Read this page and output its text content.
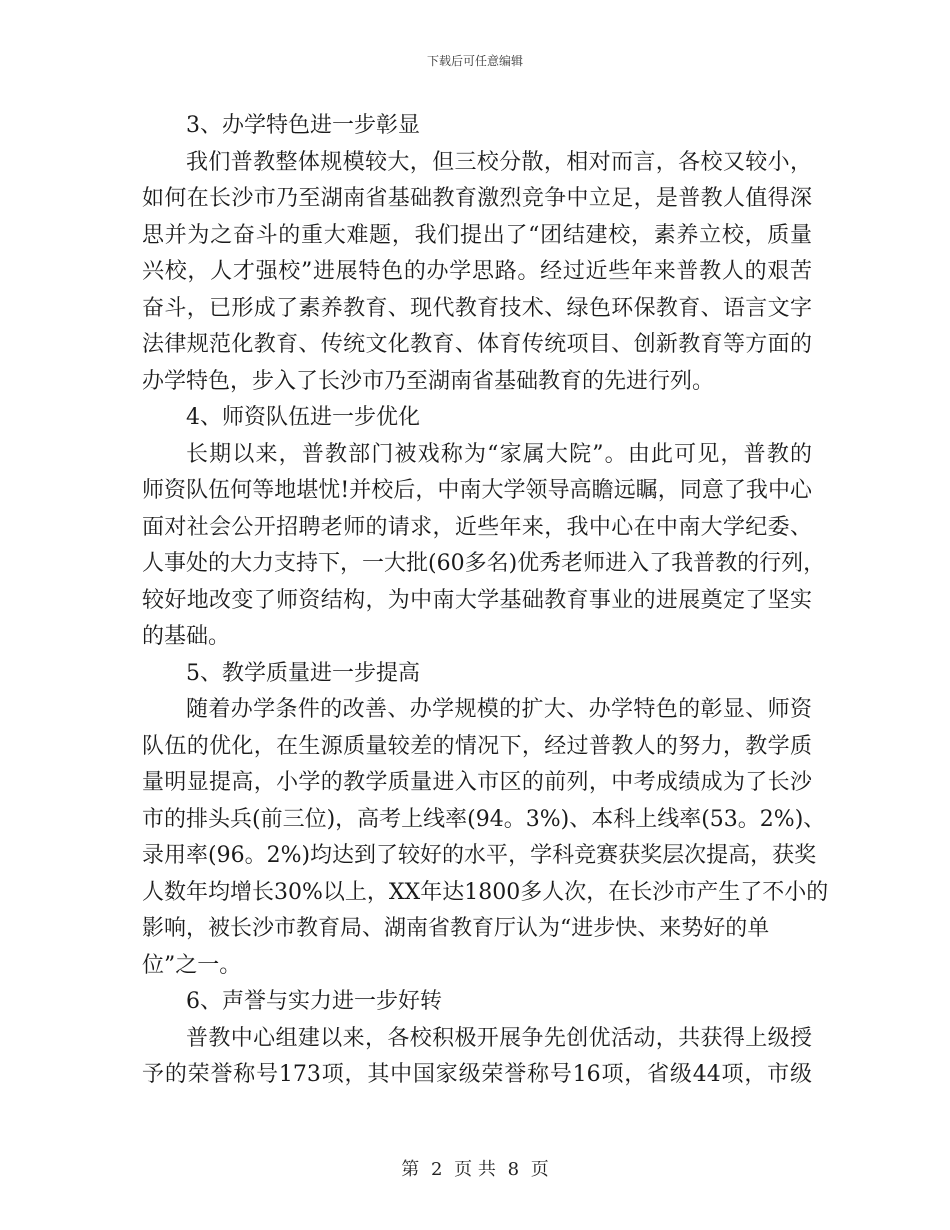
下载后可任意编辑
3、办学特色进一步彰显
我们普教整体规模较大，但三校分散，相对而言，各校又较小，
如何在长沙市乃至湖南省基础教育激烈竞争中立足，是普教人值得深
思并为之奋斗的重大难题，我们提出了“团结建校，素养立校，质量
兴校，人才强校”进展特色的办学思路。经过近些年来普教人的艰苦
奋斗，已形成了素养教育、现代教育技术、绿色环保教育、语言文字
法律规范化教育、传统文化教育、体育传统项目、创新教育等方面的
办学特色，步入了长沙市乃至湖南省基础教育的先进行列。
4、师资队伍进一步优化
长期以来，普教部门被戏称为“家属大院”。由此可见，普教的
师资队伍何等地堪忧!并校后，中南大学领导高瞻远瞩，同意了我中心
面对社会公开招聘老师的请求，近些年来，我中心在中南大学纪委、
人事处的大力支持下，一大批(60多名)优秀老师进入了我普教的行列，
较好地改变了师资结构，为中南大学基础教育事业的进展奠定了坚实
的基础。
5、教学质量进一步提高
随着办学条件的改善、办学规模的扩大、办学特色的彰显、师资
队伍的优化，在生源质量较差的情况下，经过普教人的努力，教学质
量明显提高，小学的教学质量进入市区的前列，中考成绩成为了长沙
市的排头兵(前三位)，高考上线率(94。3%)、本科上线率(53。2%)、
录用率(96。2%)均达到了较好的水平，学科竞赛获奖层次提高，获奖
人数年均增长30%以上，XX年达1800多人次，在长沙市产生了不小的
影响，被长沙市教育局、湖南省教育厅认为“进步快、来势好的单
位”之一。
6、声誉与实力进一步好转
普教中心组建以来，各校积极开展争先创优活动，共获得上级授
予的荣誉称号173项，其中国家级荣誉称号16项，省级44项，市级
第 2 页 共 8 页
